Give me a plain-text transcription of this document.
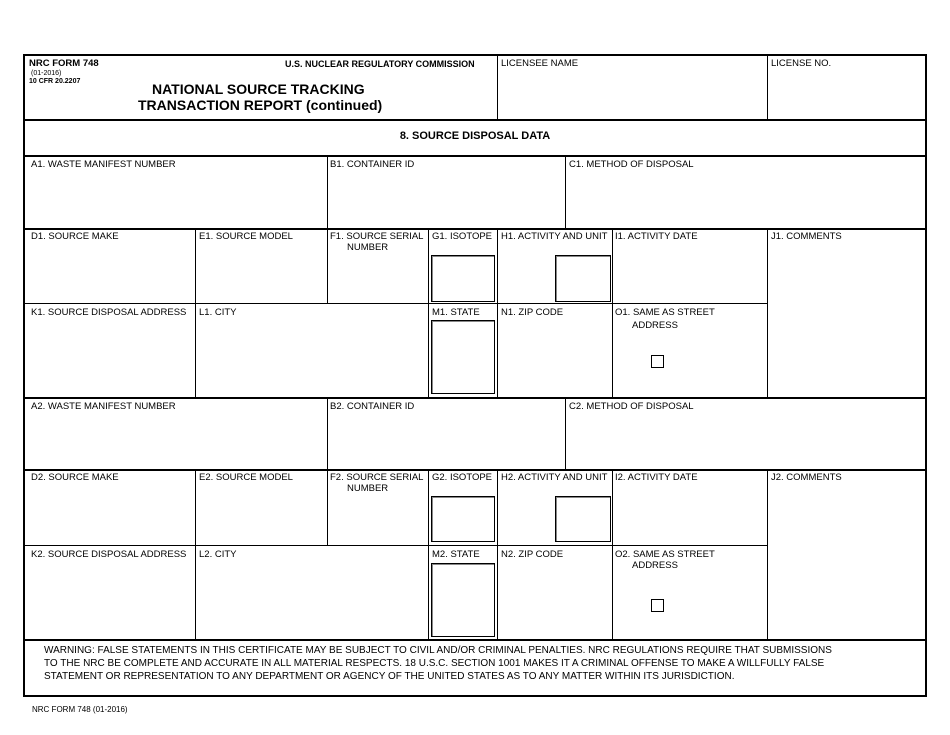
NRC FORM 748
(01-2016)
10 CFR 20.2207
U.S. NUCLEAR REGULATORY COMMISSION
NATIONAL SOURCE TRACKING
TRANSACTION REPORT (continued)
LICENSEE NAME	LICENSE NO.
8. SOURCE DISPOSAL DATA
A1. WASTE MANIFEST NUMBER	B1. CONTAINER ID	C1. METHOD OF DISPOSAL
D1. SOURCE MAKE	E1. SOURCE MODEL	F1. SOURCE SERIAL
NUMBER
G1. ISOTOPE H1. ACTIVITY AND UNIT I1. ACTIVITY DATE	J1. COMMENTS
K1. SOURCE DISPOSAL ADDRESS L1. CITY	M1. STATE N1. ZIP CODE	O1. SAME AS STREET
ADDRESS
A2. WASTE MANIFEST NUMBER	B2. CONTAINER ID	C2. METHOD OF DISPOSAL
D2. SOURCE MAKE	E2. SOURCE MODEL	F2. SOURCE SERIAL
NUMBER
G2. ISOTOPE H2. ACTIVITY AND UNIT I2. ACTIVITY DATE	J2. COMMENTS
K2. SOURCE DISPOSAL ADDRESS L2. CITY	M2. STATE N2. ZIP CODE	O2. SAME AS STREET
ADDRESS
WARNING: FALSE STATEMENTS IN THIS CERTIFICATE MAY BE SUBJECT TO CIVIL AND/OR CRIMINAL PENALTIES. NRC REGULATIONS REQUIRE THAT SUBMISSIONS
TO THE NRC BE COMPLETE AND ACCURATE IN ALL MATERIAL RESPECTS. 18 U.S.C. SECTION 1001 MAKES IT A CRIMINAL OFFENSE TO MAKE A WILLFULLY FALSE
STATEMENT OR REPRESENTATION TO ANY DEPARTMENT OR AGENCY OF THE UNITED STATES AS TO ANY MATTER WITHIN ITS JURISDICTION.
NRC FORM 748 (01-2016)
